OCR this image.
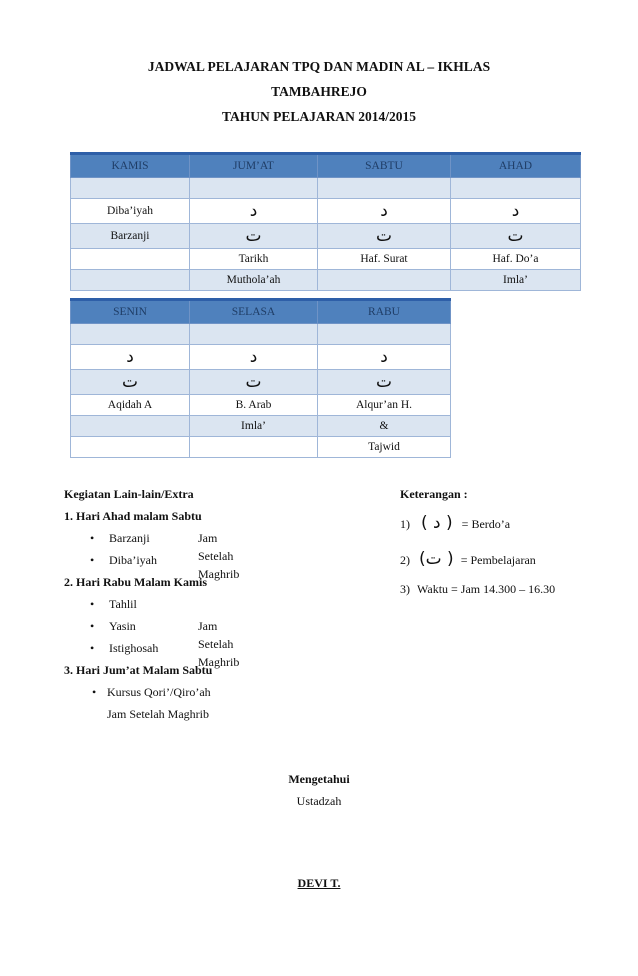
JADWAL PELAJARAN TPQ DAN MADIN AL – IKHLAS
TAMBAHREJO
TAHUN PELAJARAN 2014/2015
KAMIS	JUM’AT	SABTU	AHAD

Diba’iyah	د	د	د
Barzanji	ت	ت	ت
	Tarikh	Haf. Surat	Haf. Do’a
	Muthola’ah		Imla’
SENIN	SELASA	RABU

د	د	د
ت	ت	ت
Aqidah A	B. Arab	Alqur’an H.
	Imla’	&
		Tajwid
Kegiatan Lain-lain/Extra
1. Hari Ahad malam Sabtu
• Barzanji	Jam Setelah Maghrib
• Diba’iyah
2. Hari Rabu Malam Kamis
• Tahlil
• Yasin	Jam Setelah Maghrib
• Istighosah
3. Hari Jum’at Malam Sabtu
• Kursus Qori’/Qiro’ah
Jam Setelah Maghrib
Keterangan :
1) ( د ) = Berdo’a
2) (ت ) = Pembelajaran
3) Waktu = Jam 14.300 – 16.30
Mengetahui
Ustadzah
DEVI T.
